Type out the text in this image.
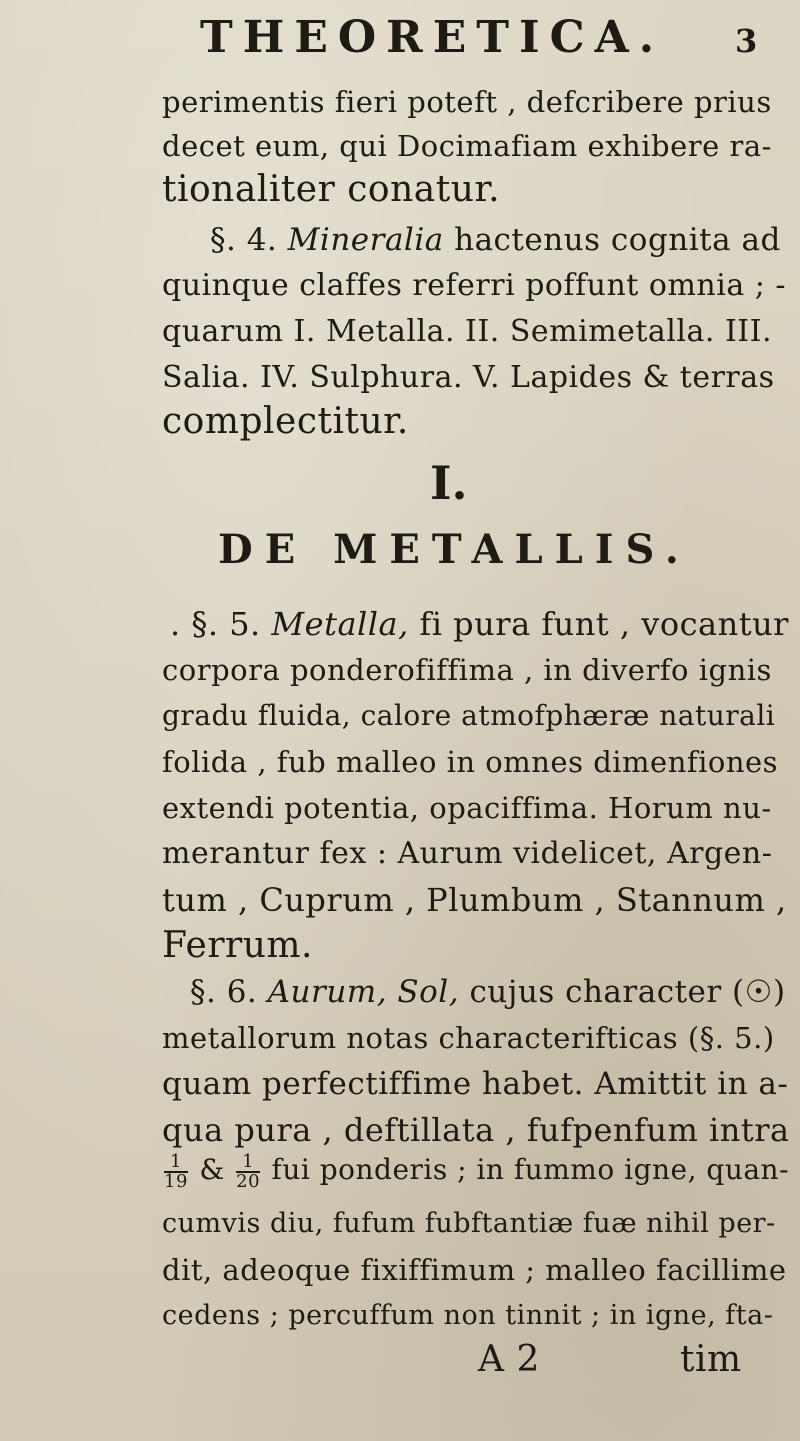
THEORETICA. 3
perimentis fieri poteft , defcribere prius
decet eum, qui Docimafiam exhibere ra-
tionaliter conatur.
§. 4. Mineralia hactenus cognita ad
quinque claffes referri poffunt omnia ; -
quarum I. Metalla. II. Semimetalla. III.
Salia. IV. Sulphura. V. Lapides & terras
complectitur.
I.
DE METALLIS.
. §. 5. Metalla, fi pura funt , vocantur
corpora ponderofiffima , in diverfo ignis
gradu fluida, calore atmofphæræ naturali
folida , fub malleo in omnes dimenfiones
extendi potentia, opaciffima. Horum nu-
merantur fex : Aurum videlicet, Argen-
tum , Cuprum , Plumbum , Stannum ,
Ferrum.
§. 6. Aurum, Sol, cujus character (☉)
metallorum notas characterifticas (§. 5.)
quam perfectiffime habet. Amittit in a-
qua pura , deftillata , fufpenfum intra
$\frac{1}{19}$ & $\frac{1}{20}$ fui ponderis ; in fummo igne, quan-
cumvis diu, fufum fubftantiæ fuæ nihil per-
dit, adeoque fixiffimum ; malleo facillime
cedens ; percuffum non tinnit ; in igne, fta-
A 2	tim
